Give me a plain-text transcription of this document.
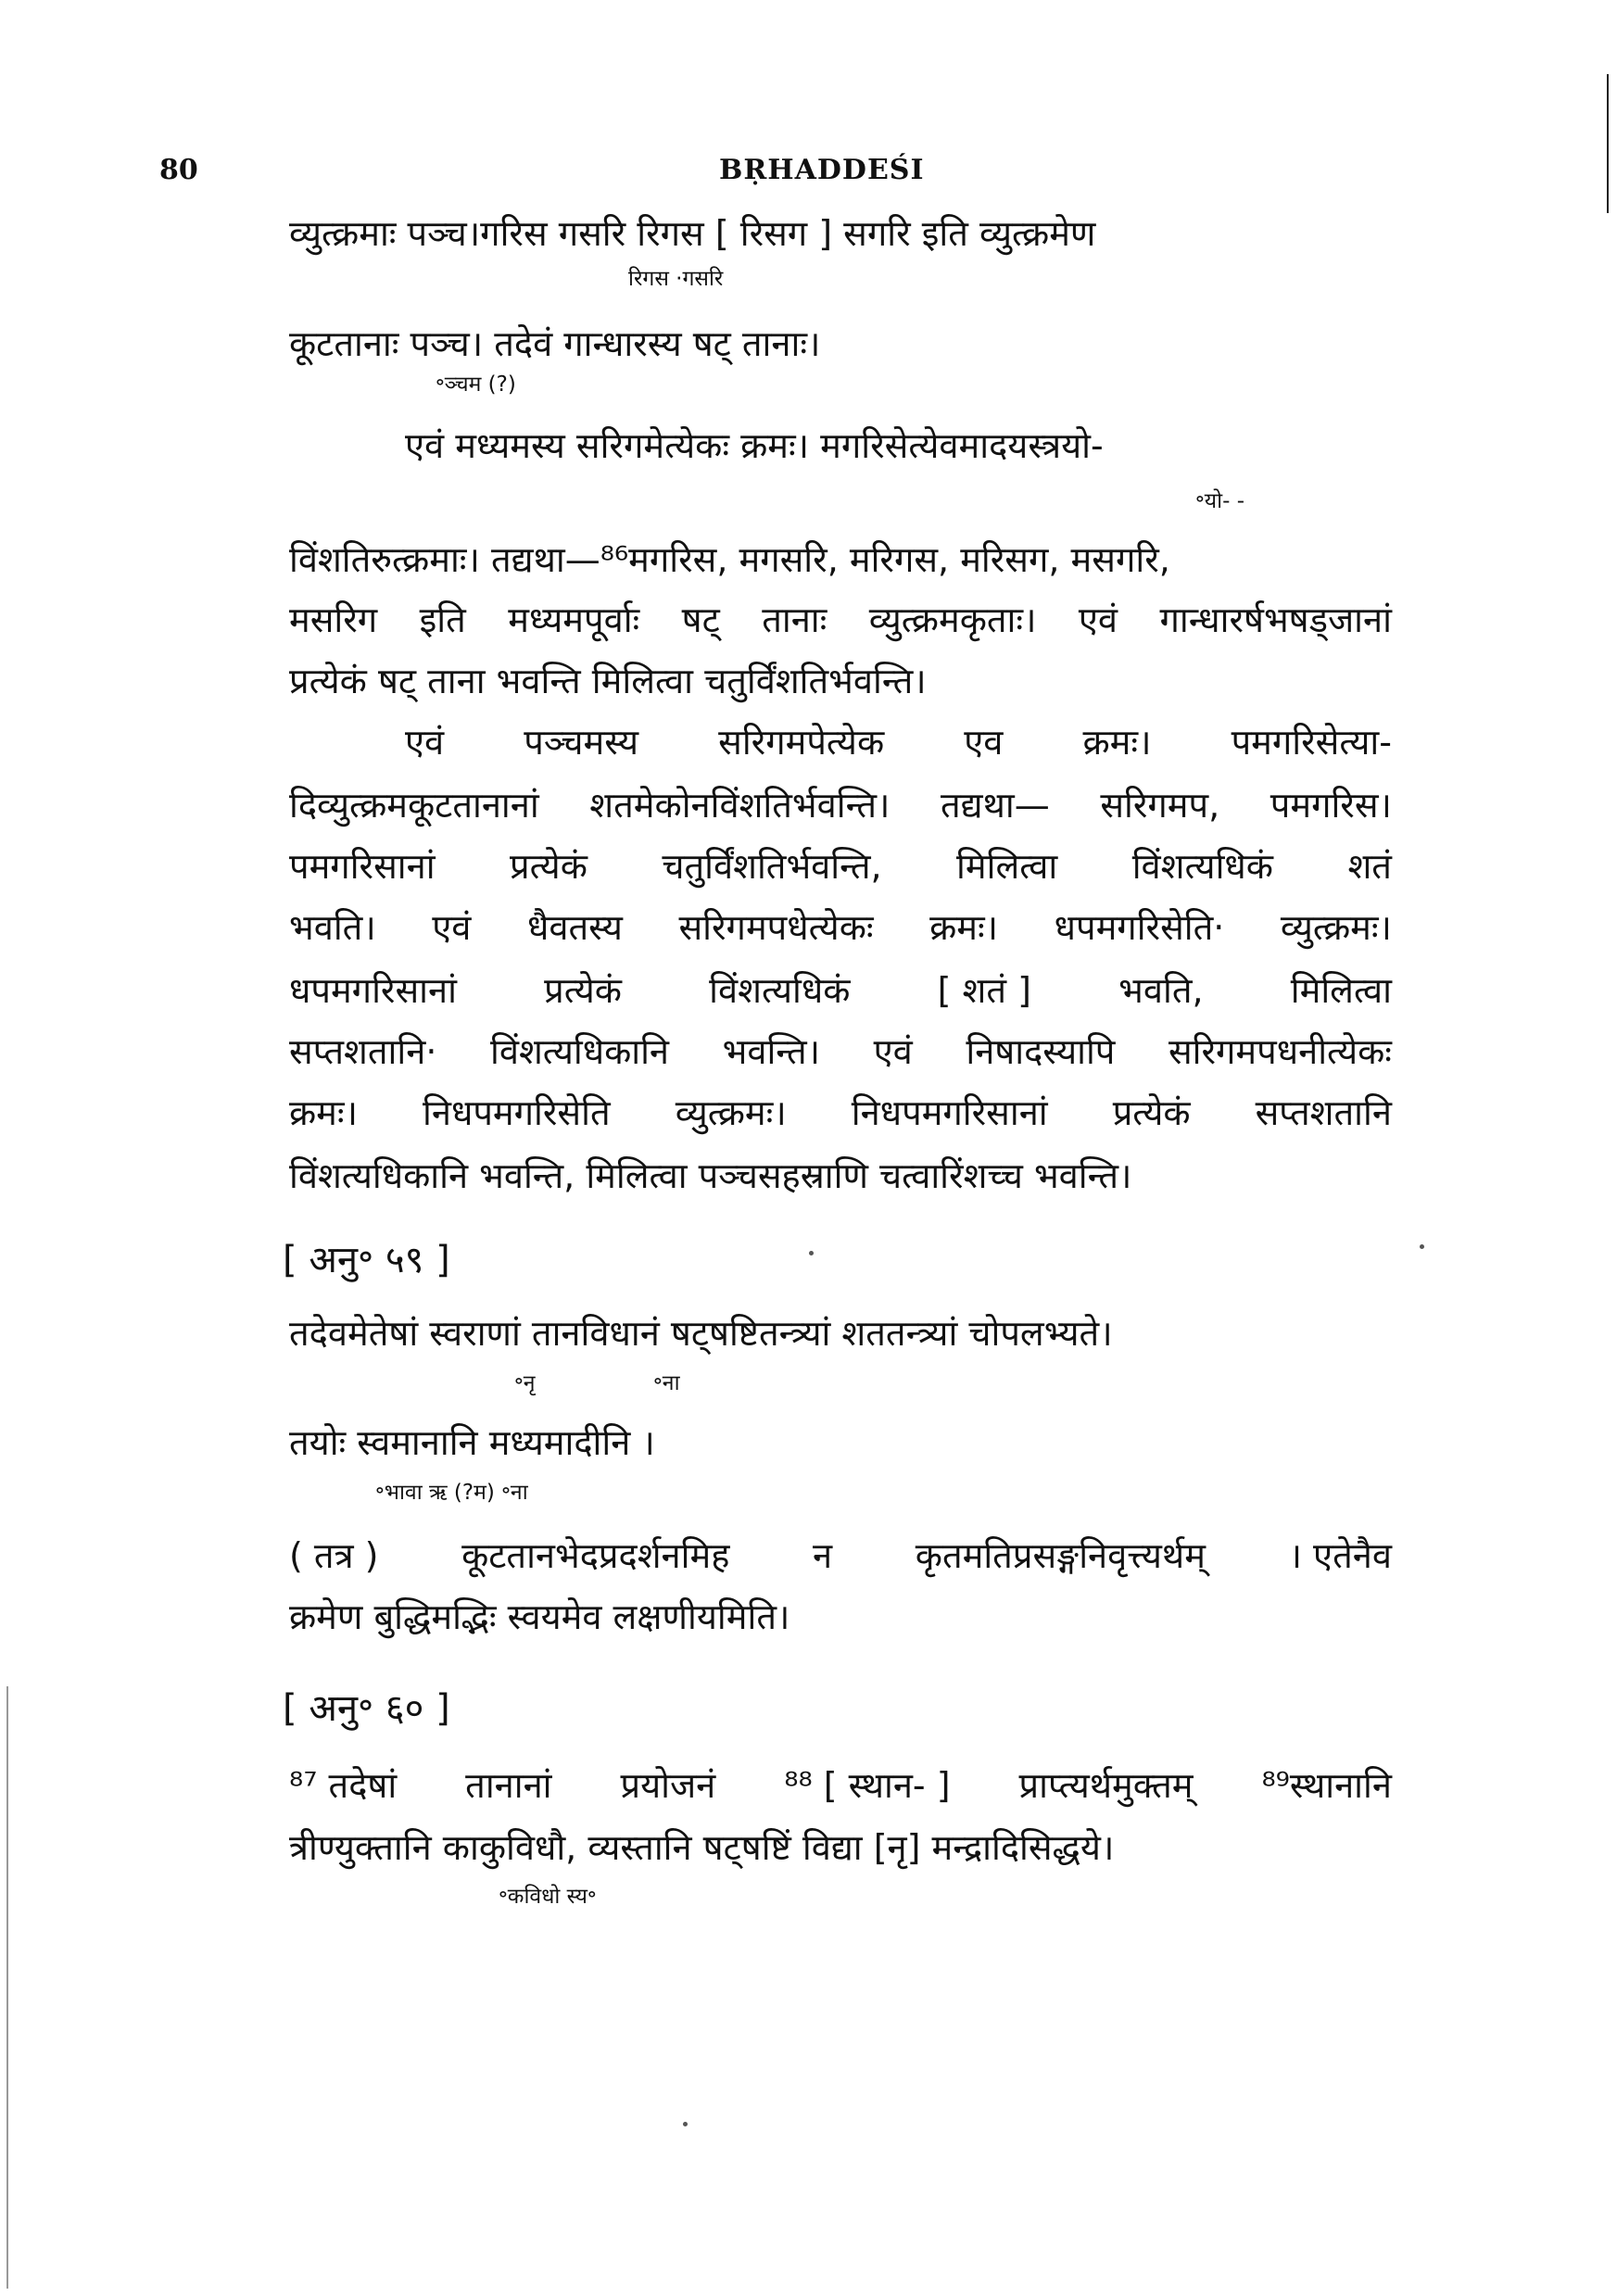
80	BṚHADDEŚI
व्युत्क्रमाः पञ्च।गरिस गसरि रिगस [ रिसग ] सगरि इति व्युत्क्रमेण
रिगस ·गसरि
कूटतानाः पञ्च। तदेवं गान्धारस्य षट् तानाः।
॰ञ्चम (?)
एवं मध्यमस्य सरिगमेत्येकः क्रमः। मगरिसेत्येवमादयस्त्रयो-
॰यो- -
विंशतिरुत्क्रमाः। तद्यथा—⁸⁶मगरिस, मगसरि, मरिगस, मरिसग, मसगरि,
मसरिग इति मध्यमपूर्वाः षट् तानाः व्युत्क्रमकृताः। एवं गान्धारर्षभषड्जानां
प्रत्येकं षट् ताना भवन्ति मिलित्वा चतुर्विंशतिर्भवन्ति।
एवं पञ्चमस्य सरिगमपेत्येक एव क्रमः। पमगरिसेत्या-
दिव्युत्क्रमकूटतानानां शतमेकोनविंशतिर्भवन्ति। तद्यथा— सरिगमप, पमगरिस।
पमगरिसानां प्रत्येकं चतुर्विंशतिर्भवन्ति, मिलित्वा विंशत्यधिकं शतं
भवति। एवं धैवतस्य सरिगमपधेत्येकः क्रमः। धपमगरिसेति· व्युत्क्रमः।
धपमगरिसानां प्रत्येकं विंशत्यधिकं [ शतं ] भवति, मिलित्वा
सप्तशतानि· विंशत्यधिकानि भवन्ति। एवं निषादस्यापि सरिगमपधनीत्येकः
क्रमः। निधपमगरिसेति व्युत्क्रमः। निधपमगरिसानां प्रत्येकं सप्तशतानि
विंशत्यधिकानि भवन्ति, मिलित्वा पञ्चसहस्राणि चत्वारिंशच्च भवन्ति।
[ अनु॰ ५९ ]
तदेवमेतेषां स्वराणां तानविधानं षट्षष्टितन्त्र्यां शततन्त्र्यां चोपलभ्यते।
॰नृ	॰ना
तयोः स्वमानानि मध्यमादीनि ।
॰भावा ऋ (?म) ॰ना
( तत्र ) कूटतानभेदप्रदर्शनमिह न कृतमतिप्रसङ्गनिवृत्त्यर्थम् । एतेनैव
क्रमेण बुद्धिमद्भिः स्वयमेव लक्षणीयमिति।
[ अनु॰ ६० ]
⁸⁷ तदेषां तानानां प्रयोजनं ⁸⁸ [ स्थान- ] प्राप्त्यर्थमुक्तम् ⁸⁹स्थानानि
त्रीण्युक्तानि काकुविधौ, व्यस्तानि षट्षष्टिं विद्या [नृ] मन्द्रादिसिद्धये।
॰कविधो स्य॰
